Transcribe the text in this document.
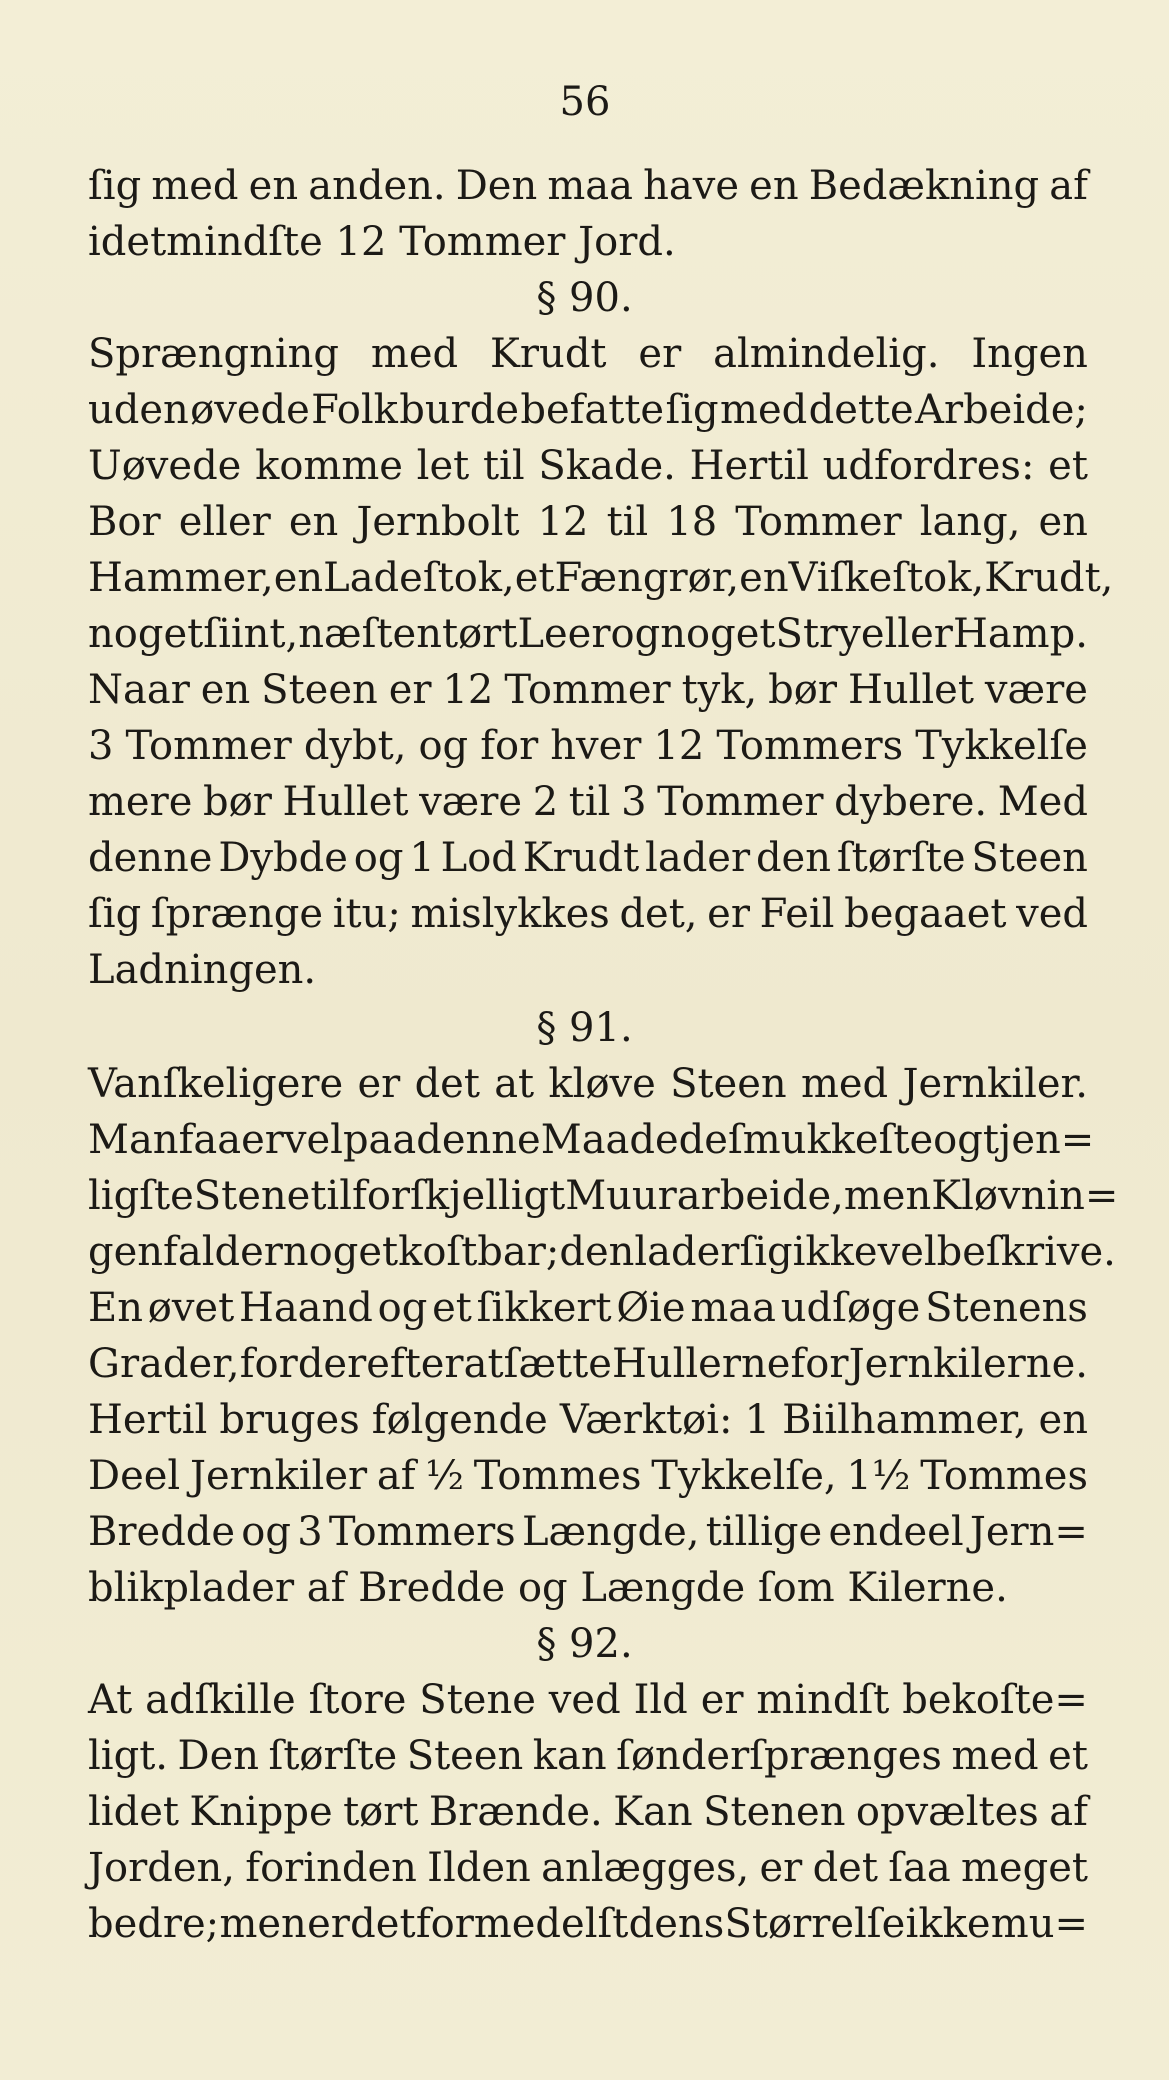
56
ſig med en anden. Den maa have en Bedækning af
idetmindſte 12 Tommer Jord.
§ 90.
Sprængning med Krudt er almindelig. Ingen
uden øvede Folk burde befatte ſig med dette Arbeide;
Uøvede komme let til Skade. Hertil udfordres: et
Bor eller en Jernbolt 12 til 18 Tommer lang, en
Hammer, en Ladeſtok, et Fængrør, en Viſkeſtok, Krudt,
noget ſiint, næſten tørt Leer og noget Stry eller Hamp.
Naar en Steen er 12 Tommer tyk, bør Hullet være
3 Tommer dybt, og for hver 12 Tommers Tykkelſe
mere bør Hullet være 2 til 3 Tommer dybere. Med
denne Dybde og 1 Lod Krudt lader den ſtørſte Steen
ſig ſprænge itu; mislykkes det, er Feil begaaet ved
Ladningen.
§ 91.
Vanſkeligere er det at kløve Steen med Jernkiler.
Man faaer vel paa denne Maade de ſmukkeſte og tjen=
ligſte Stene til forſkjelligt Muurarbeide, men Kløvnin=
gen falder noget koſtbar; den lader ſig ikke vel beſkrive.
En øvet Haand og et ſikkert Øie maa udſøge Stenens
Grader, for derefter at ſætte Hullerne for Jernkilerne.
Hertil bruges følgende Værktøi: 1 Biilhammer, en
Deel Jernkiler af ½ Tommes Tykkelſe, 1½ Tommes
Bredde og 3 Tommers Længde, tillige endeel Jern=
blikplader af Bredde og Længde ſom Kilerne.
§ 92.
At adſkille ſtore Stene ved Ild er mindſt bekoſte=
ligt. Den ſtørſte Steen kan ſønderſprænges med et
lidet Knippe tørt Brænde. Kan Stenen opvæltes af
Jorden, forinden Ilden anlægges, er det ſaa meget
bedre; men er det formedelſt dens Størrelſe ikke mu=
